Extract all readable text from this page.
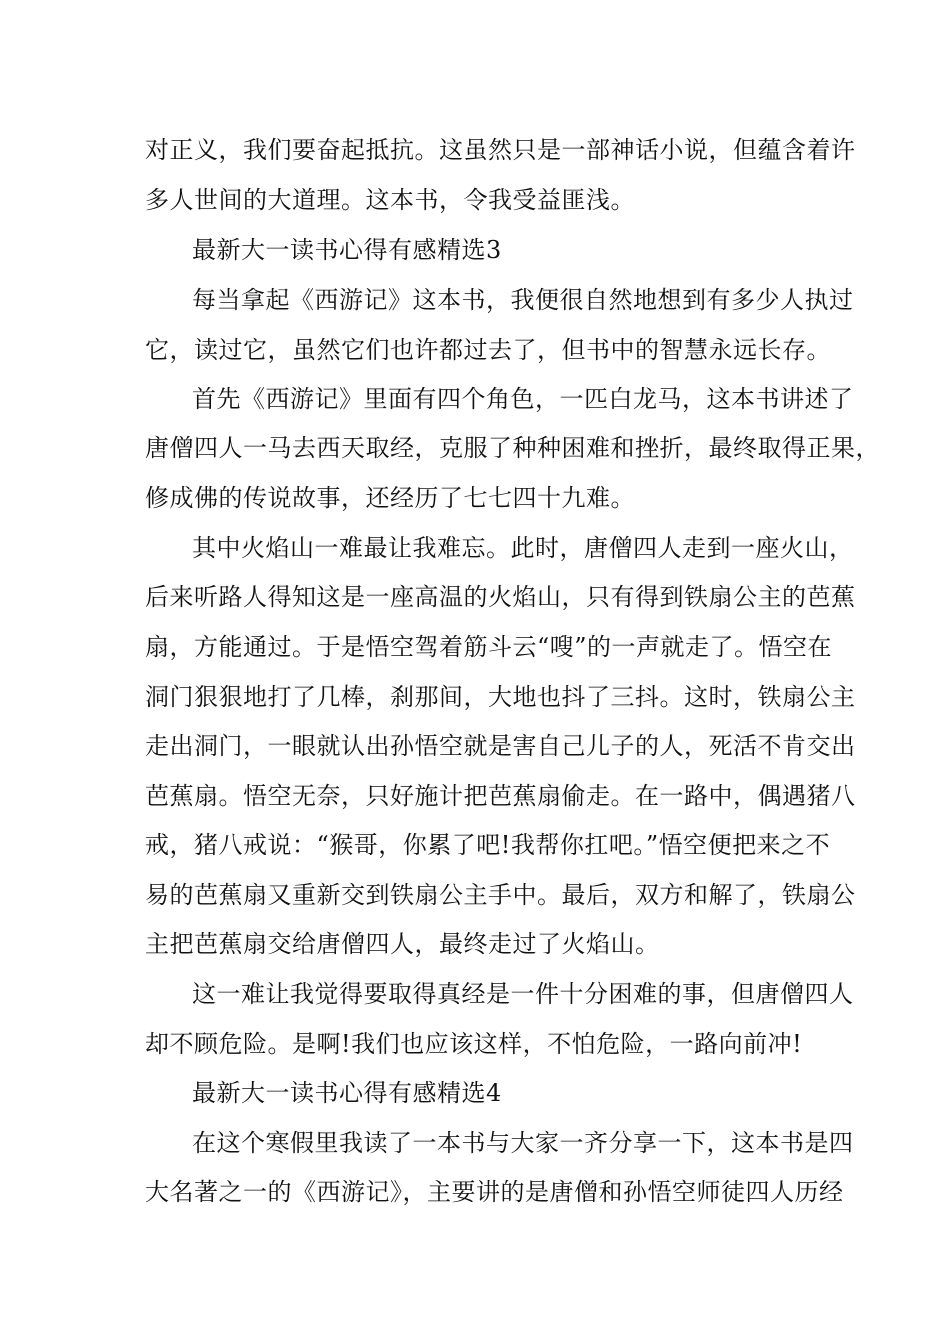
对正义，我们要奋起抵抗。这虽然只是一部神话小说，但蕴含着许
多人世间的大道理。这本书，令我受益匪浅。
最新大一读书心得有感精选3
每当拿起《西游记》这本书，我便很自然地想到有多少人执过
它，读过它，虽然它们也许都过去了，但书中的智慧永远长存。
首先《西游记》里面有四个角色，一匹白龙马，这本书讲述了
唐僧四人一马去西天取经，克服了种种困难和挫折，最终取得正果，
修成佛的传说故事，还经历了七七四十九难。
其中火焰山一难最让我难忘。此时，唐僧四人走到一座火山，
后来听路人得知这是一座高温的火焰山，只有得到铁扇公主的芭蕉
扇，方能通过。于是悟空驾着筋斗云“嗖”的一声就走了。悟空在
洞门狠狠地打了几棒，刹那间，大地也抖了三抖。这时，铁扇公主
走出洞门，一眼就认出孙悟空就是害自己儿子的人，死活不肯交出
芭蕉扇。悟空无奈，只好施计把芭蕉扇偷走。在一路中，偶遇猪八
戒，猪八戒说：“猴哥，你累了吧!我帮你扛吧。”悟空便把来之不
易的芭蕉扇又重新交到铁扇公主手中。最后，双方和解了，铁扇公
主把芭蕉扇交给唐僧四人，最终走过了火焰山。
这一难让我觉得要取得真经是一件十分困难的事，但唐僧四人
却不顾危险。是啊!我们也应该这样，不怕危险，一路向前冲!
最新大一读书心得有感精选4
在这个寒假里我读了一本书与大家一齐分享一下，这本书是四
大名著之一的《西游记》，主要讲的是唐僧和孙悟空师徒四人历经
